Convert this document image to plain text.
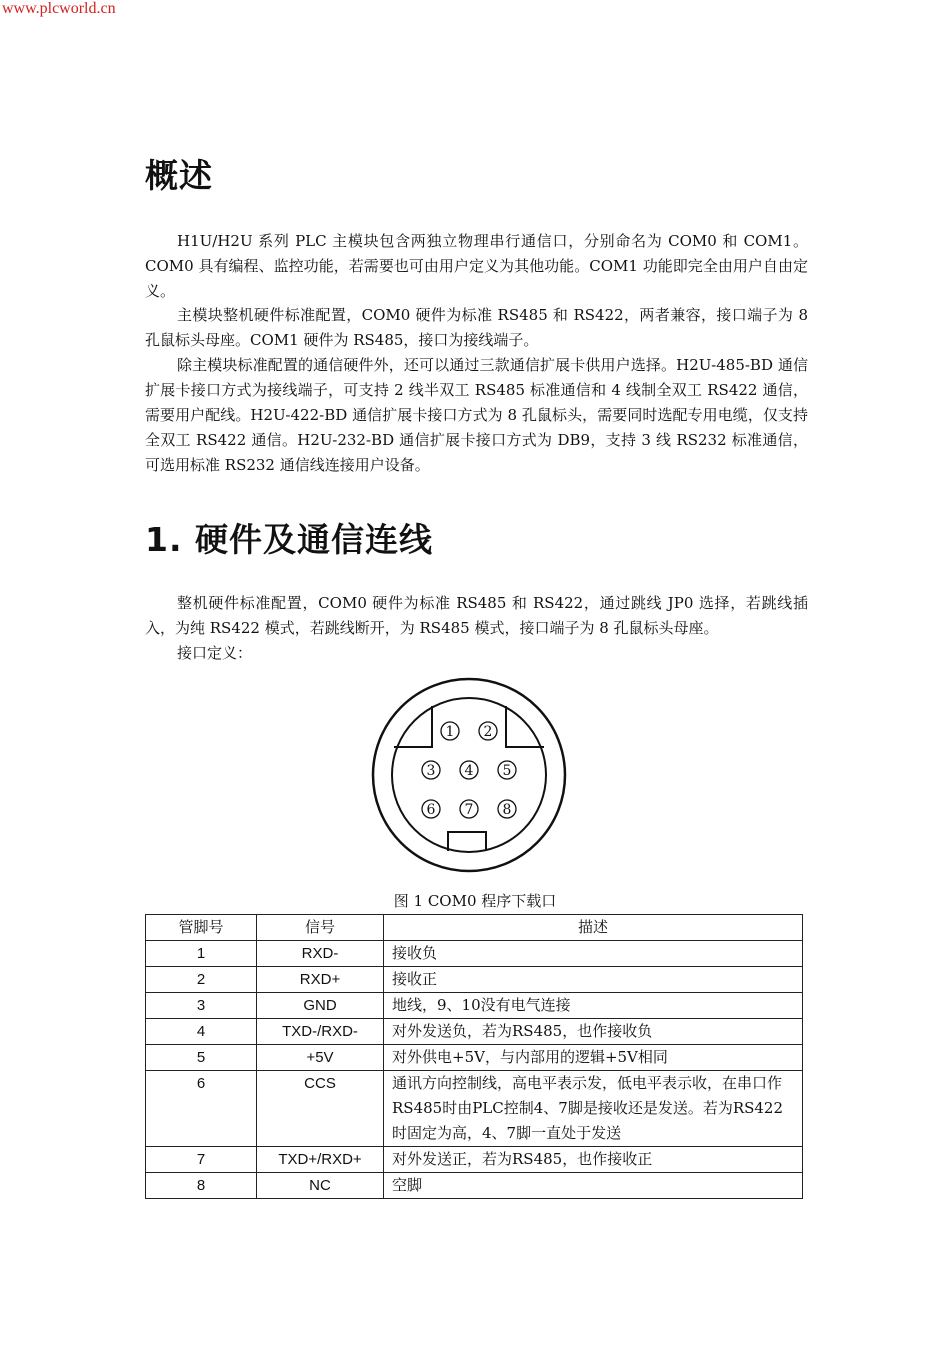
www.plcworld.cn
概述
H1U/H2U 系列 PLC 主模块包含两独立物理串行通信口，分别命名为 COM0 和 COM1。COM0 具有编程、监控功能，若需要也可由用户定义为其他功能。COM1 功能即完全由用户自由定义。
主模块整机硬件标准配置，COM0 硬件为标准 RS485 和 RS422，两者兼容，接口端子为 8 孔鼠标头母座。COM1 硬件为 RS485，接口为接线端子。
除主模块标准配置的通信硬件外，还可以通过三款通信扩展卡供用户选择。H2U-485-BD 通信扩展卡接口方式为接线端子，可支持 2 线半双工 RS485 标准通信和 4 线制全双工 RS422 通信，需要用户配线。H2U-422-BD 通信扩展卡接口方式为 8 孔鼠标头，需要同时选配专用电缆，仅支持全双工 RS422 通信。H2U-232-BD 通信扩展卡接口方式为 DB9，支持 3 线 RS232 标准通信，可选用标准 RS232 通信线连接用户设备。
1. 硬件及通信连线
整机硬件标准配置，COM0 硬件为标准 RS485 和 RS422，通过跳线 JP0 选择，若跳线插入，为纯 RS422 模式，若跳线断开，为 RS485 模式，接口端子为 8 孔鼠标头母座。
接口定义：
1 2
3 4 5
6 7 8
图 1 COM0 程序下载口
管脚号	信号	描述
1	RXD-	接收负
2	RXD+	接收正
3	GND	地线，9、10没有电气连接
4	TXD-/RXD-	对外发送负，若为RS485，也作接收负
5	+5V	对外供电+5V，与内部用的逻辑+5V相同
6	CCS	通讯方向控制线，高电平表示发，低电平表示收，在串口作RS485时由PLC控制4、7脚是接收还是发送。若为RS422时固定为高，4、7脚一直处于发送
7	TXD+/RXD+	对外发送正，若为RS485，也作接收正
8	NC	空脚
